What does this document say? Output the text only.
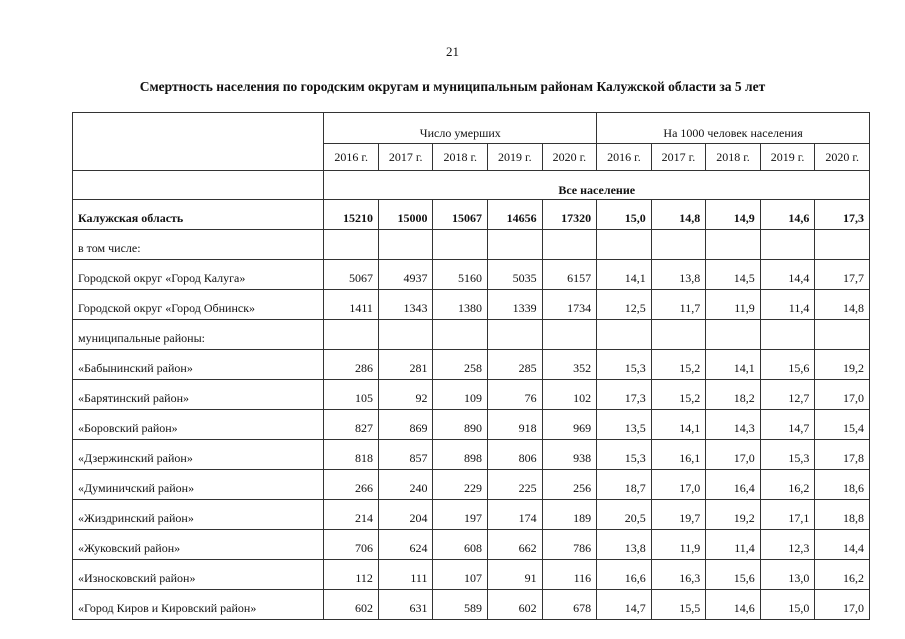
21
Смертность населения по городским округам и муниципальным районам Калужской области за 5 лет
	Число умерших					На 1000 человек населения				
	2016 г.	2017 г.	2018 г.	2019 г.	2020 г.	2016 г.	2017 г.	2018 г.	2019 г.	2020 г.
	Все население									
Калужская область	15210	15000	15067	14656	17320	15,0	14,8	14,9	14,6	17,3
в том числе:										
Городской округ «Город Калуга»	5067	4937	5160	5035	6157	14,1	13,8	14,5	14,4	17,7
Городской округ «Город Обнинск»	1411	1343	1380	1339	1734	12,5	11,7	11,9	11,4	14,8
муниципальные районы:										
«Бабынинский район»	286	281	258	285	352	15,3	15,2	14,1	15,6	19,2
«Барятинский район»	105	92	109	76	102	17,3	15,2	18,2	12,7	17,0
«Боровский район»	827	869	890	918	969	13,5	14,1	14,3	14,7	15,4
«Дзержинский район»	818	857	898	806	938	15,3	16,1	17,0	15,3	17,8
«Думиничский район»	266	240	229	225	256	18,7	17,0	16,4	16,2	18,6
«Жиздринский район»	214	204	197	174	189	20,5	19,7	19,2	17,1	18,8
«Жуковский район»	706	624	608	662	786	13,8	11,9	11,4	12,3	14,4
«Износковский район»	112	111	107	91	116	16,6	16,3	15,6	13,0	16,2
«Город Киров и Кировский район»	602	631	589	602	678	14,7	15,5	14,6	15,0	17,0
